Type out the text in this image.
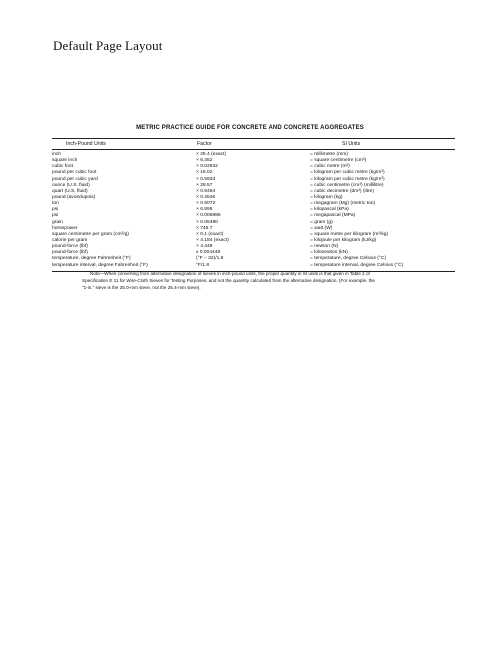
Default Page Layout
METRIC PRACTICE GUIDE FOR CONCRETE AND CONCRETE AGGREGATES
Inch-Pound Units	Factor	SI Units
inch	× 25.4 (exact)	= millimetre (mm)
square inch	× 6.452	= square centimetre (cm²)
cubic foot	× 0.02832	= cubic metre (m³)
pound per cubic foot	× 16.02	= kilogram per cubic metre (kg/m³)
pound per cubic yard	× 0.5933	= kilogram per cubic metre (kg/m³)
ounce (U.S. fluid)	× 29.57	= cubic centimetre (cm³) (millilitre)
quart (U.S. fluid)	× 0.9464	= cubic decimetre (dm³) (litre)
pound (avoirdupois)	× 0.4536	= kilogram (kg)
ton	× 0.9072	= megagram (Mg) (metric ton)
psi	× 6.895	= kilopascal (kPa)
psi	× 0.006895	= megapascal (MPa)
grain	× 0.06480	= gram (g)
horsepower	× 745.7	= watt (W)
square centimetre per gram (cm²/g)	× 0.1 (exact)	= square metre per kilogram (m²/kg)
calorie per gram	× 4.184 (exact)	= kilojoule per kilogram (kJ/kg)
pound-force (lbf)	× 4.448	= newton (N)
pound-force (lbf)	x 0.004448	= kilonewton (kN)
temperature, degree Fahrenheit (°F)	(°F − 32)/1.8	= temperature, degree Celsius (°C)
temperature interval, degree Fahrenheit (°F)	°F/1.8	= temperature interval, degree Celsius (°C)
Note—When converting from alternative designation of sieves in inch-pound units, the proper quantity in SI units is that given in Table 1 of
Specification E 11 for Wire-Cloth Sieves for Testing Purposes, and not the quantity calculated from the alternative designation. (For example, the
"1-in." sieve is the 25.0-mm sieve, not the 25.4-mm sieve).
